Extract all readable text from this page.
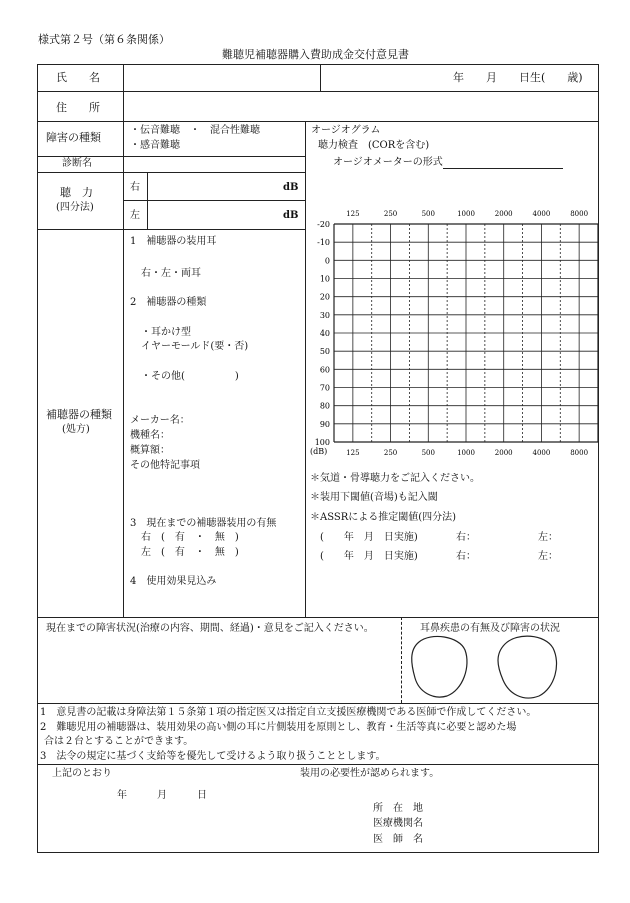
様式第２号（第６条関係）
難聴児補聴器購入費助成金交付意見書
氏　　名	年　　月　　日生(　　歳)
住　　所
障害の種類
・伝音難聴　・　混合性難聴
・感音難聴
診断名
聴　力
(四分法)
右	dB
左	dB
オージオグラム
聴力検査　(CORを含む)
オージオメーターの形式
125	250	500	1000	2000	4000	8000
-20
-10
0
10
20
30
40
50
60
70
80
90
100
125	250	500	1000	2000	4000	8000
(dB)
＊気道・骨導聴力をご記入ください。
＊装用下閾値(音場)も記入閾
＊ASSRによる推定閾値(四分法)
(　　年　月　日実施)	右：	左：
(　　年　月　日実施)	右：	左：
補聴器の種類
(処方)
1　補聴器の装用耳
右・左・両耳
2　補聴器の種類
・耳かけ型
イヤーモールド(要・否)
・その他(　　　　　)
メーカー名：
機種名：
概算額：
その他特記事項
3　現在までの補聴器装用の有無
右　(　有　・　無　)
左　(　有　・　無　)
4　使用効果見込み
現在までの障害状況(治療の内容、期間、経過)・意見をご記入ください。	耳鼻疾患の有無及び障害の状況
1　意見書の記載は身障法第１５条第１項の指定医又は指定自立支援医療機関である医師で作成してください。
2　難聴児用の補聴器は、装用効果の高い側の耳に片側装用を原則とし、教育・生活等真に必要と認めた場
合は２台とすることができます。
3　法令の規定に基づく支給等を優先して受けるよう取り扱うこととします。
上記のとおり	装用の必要性が認められます。
年　　　月　　　日
所　在　地
医療機関名
医　師　名
